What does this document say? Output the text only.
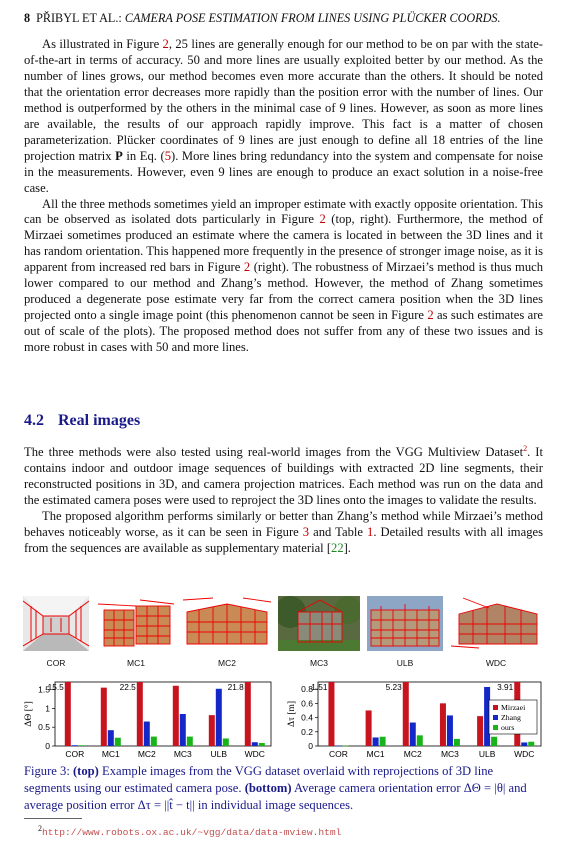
8 PŘIBYL ET AL.: CAMERA POSE ESTIMATION FROM LINES USING PLÜCKER COORDS.

As illustrated in Figure 2, 25 lines are generally enough for our method to be on par with the state-of-the-art in terms of accuracy. 50 and more lines are usually exploited better by our method. As the number of lines grows, our method becomes even more accurate than the others. It should be noted that the orientation error decreases more rapidly than the position error with the number of lines. Our method is outperformed by the others in the minimal case of 9 lines. However, as soon as more lines are available, the results of our approach rapidly improve. This fact is a matter of chosen parameterization. Plücker coordinates of 9 lines are just enough to define all 18 entries of the line projection matrix P in Eq. (5). More lines bring redundancy into the system and compensate for noise in the measurements. However, even 9 lines are enough to produce an exact solution in a noise-free case.

All the three methods sometimes yield an improper estimate with exactly opposite orientation. This can be observed as isolated dots particularly in Figure 2 (top, right). Furthermore, the method of Mirzaei sometimes produced an estimate where the camera is located in between the 3D lines and it has random orientation. This happened more frequently in the presence of stronger image noise, as it is apparent from increased red bars in Figure 2 (right). The robustness of Mirzaei’s method is thus much lower compared to our method and Zhang’s method. However, the method of Zhang sometimes produced a degenerate pose estimate very far from the correct camera position when the 3D lines projected onto a single image point (this phenomenon cannot be seen in Figure 2 as such estimates are out of scale of the plots). The proposed method does not suffer from any of these two issues and is more robust in cases with 50 and more lines.

4.2 Real images

The three methods were also tested using real-world images from the VGG Multiview Dataset$^2$. It contains indoor and outdoor image sequences of buildings with extracted 2D line segments, their reconstructed positions in 3D, and camera projection matrices. Each method was run on the data and the estimated camera poses were used to reproject the 3D lines onto the images to validate the results.

The proposed algorithm performs similarly or better than Zhang’s method while Mirzaei’s method behaves noticeably worse, as it can be seen in Figure 3 and Table 1. Detailed results with all images from the sequences are available as supplementary material [22].

COR	MC1	MC2	MC3	ULB	WDC
0
0.5
1
1.5
ΔΘ [°]
COR
15.5
MC1 MC2
22.5
MC3 ULB WDC
21.8
0
0.2
0.4
0.6
0.8
Δτ [m]
COR
1.51
MC1 MC2
5.23
MC3 ULB WDC
3.91
Mirzaei
Zhang
ours
Figure 3: (top) Example images from the VGG dataset overlaid with reprojections of 3D line segments using our estimated camera pose. (bottom) Average camera orientation error ΔΘ = |θ| and average position error Δτ = ||t̂ − t|| in individual image sequences.
$^2$http://www.robots.ox.ac.uk/~vgg/data/data-mview.html
